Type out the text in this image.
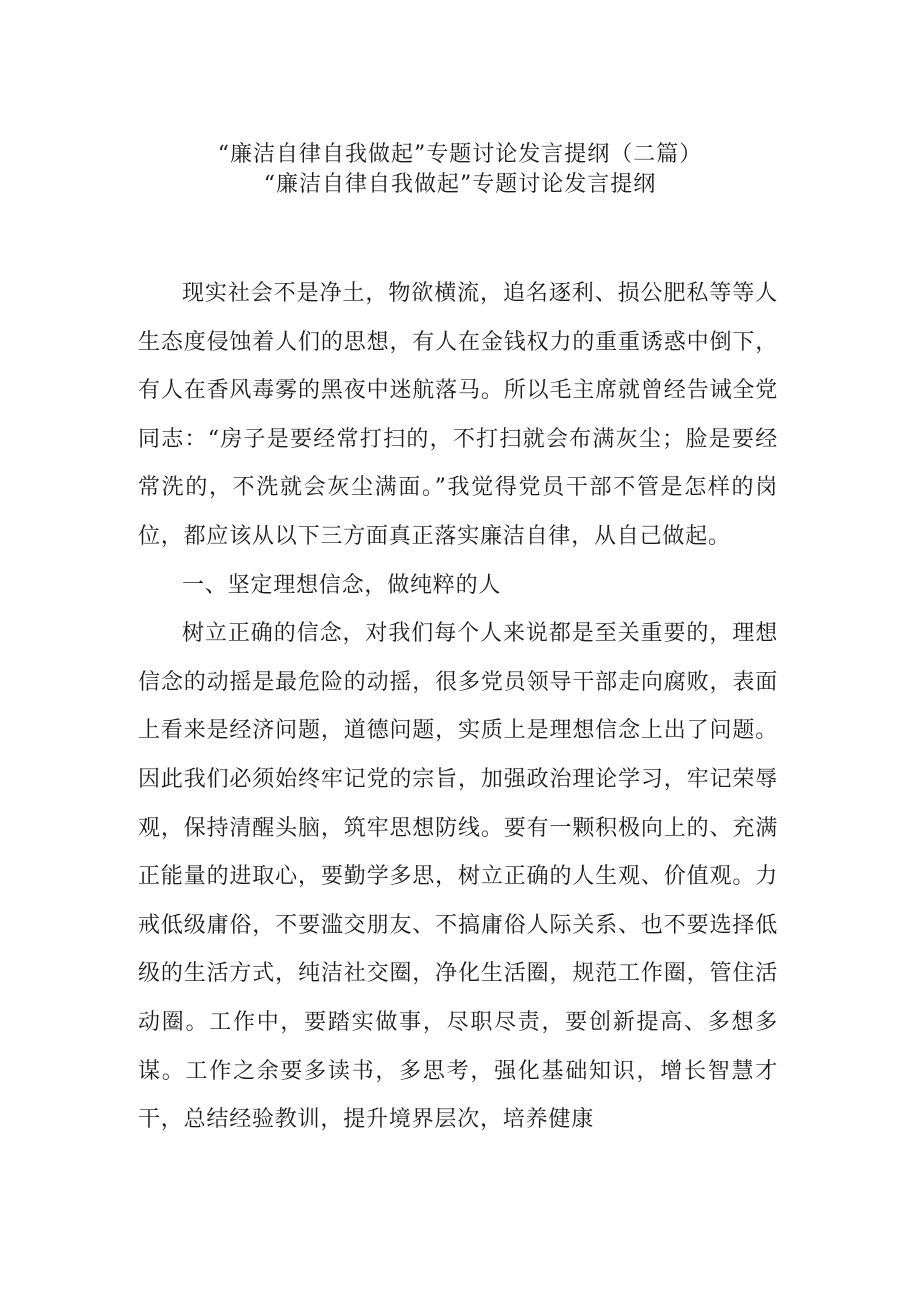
“廉洁自律自我做起”专题讨论发言提纲（二篇）
“廉洁自律自我做起”专题讨论发言提纲

现实社会不是净土，物欲横流，追名逐利、损公肥私等等人生态度侵蚀着人们的思想，有人在金钱权力的重重诱惑中倒下，有人在香风毒雾的黑夜中迷航落马。所以毛主席就曾经告诫全党同志：“房子是要经常打扫的，不打扫就会布满灰尘；脸是要经常洗的，不洗就会灰尘满面。”我觉得党员干部不管是怎样的岗位，都应该从以下三方面真正落实廉洁自律，从自己做起。

一、坚定理想信念，做纯粹的人

树立正确的信念，对我们每个人来说都是至关重要的，理想信念的动摇是最危险的动摇，很多党员领导干部走向腐败，表面上看来是经济问题，道德问题，实质上是理想信念上出了问题。因此我们必须始终牢记党的宗旨，加强政治理论学习，牢记荣辱观，保持清醒头脑，筑牢思想防线。要有一颗积极向上的、充满正能量的进取心，要勤学多思，树立正确的人生观、价值观。力戒低级庸俗，不要滥交朋友、不搞庸俗人际关系、也不要选择低级的生活方式，纯洁社交圈，净化生活圈，规范工作圈，管住活动圈。工作中，要踏实做事，尽职尽责，要创新提高、多想多谋。工作之余要多读书，多思考，强化基础知识，增长智慧才干，总结经验教训，提升境界层次，培养健康
